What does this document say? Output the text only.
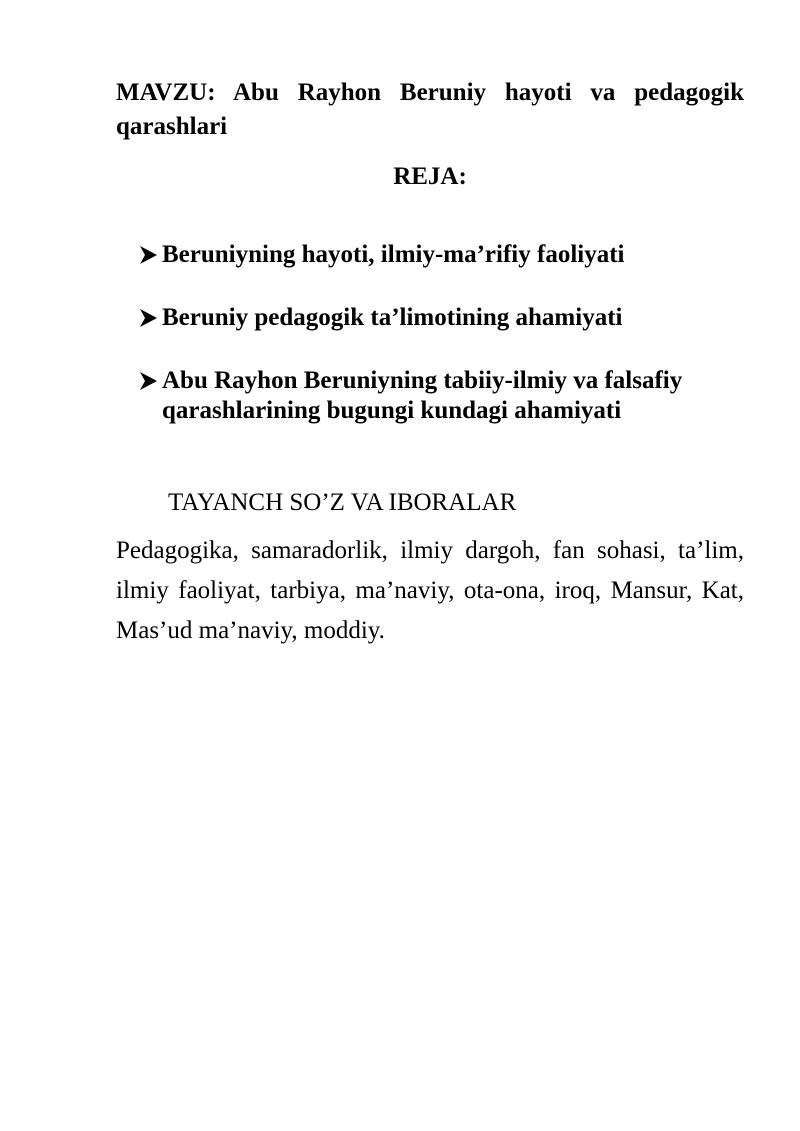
MAVZU: Abu Rayhon Beruniy hayoti va pedagogik qarashlari

REJA:

Beruniyning hayoti, ilmiy-ma’rifiy faoliyati
Beruniy pedagogik ta’limotining ahamiyati
Abu Rayhon Beruniyning tabiiy-ilmiy va falsafiy qarashlarining bugungi kundagi ahamiyati

TAYANCH SO’Z VA IBORALAR

Pedagogika, samaradorlik, ilmiy dargoh, fan sohasi, ta’lim, ilmiy faoliyat, tarbiya, ma’naviy, ota-ona, iroq, Mansur, Kat, Mas’ud ma’naviy, moddiy.
